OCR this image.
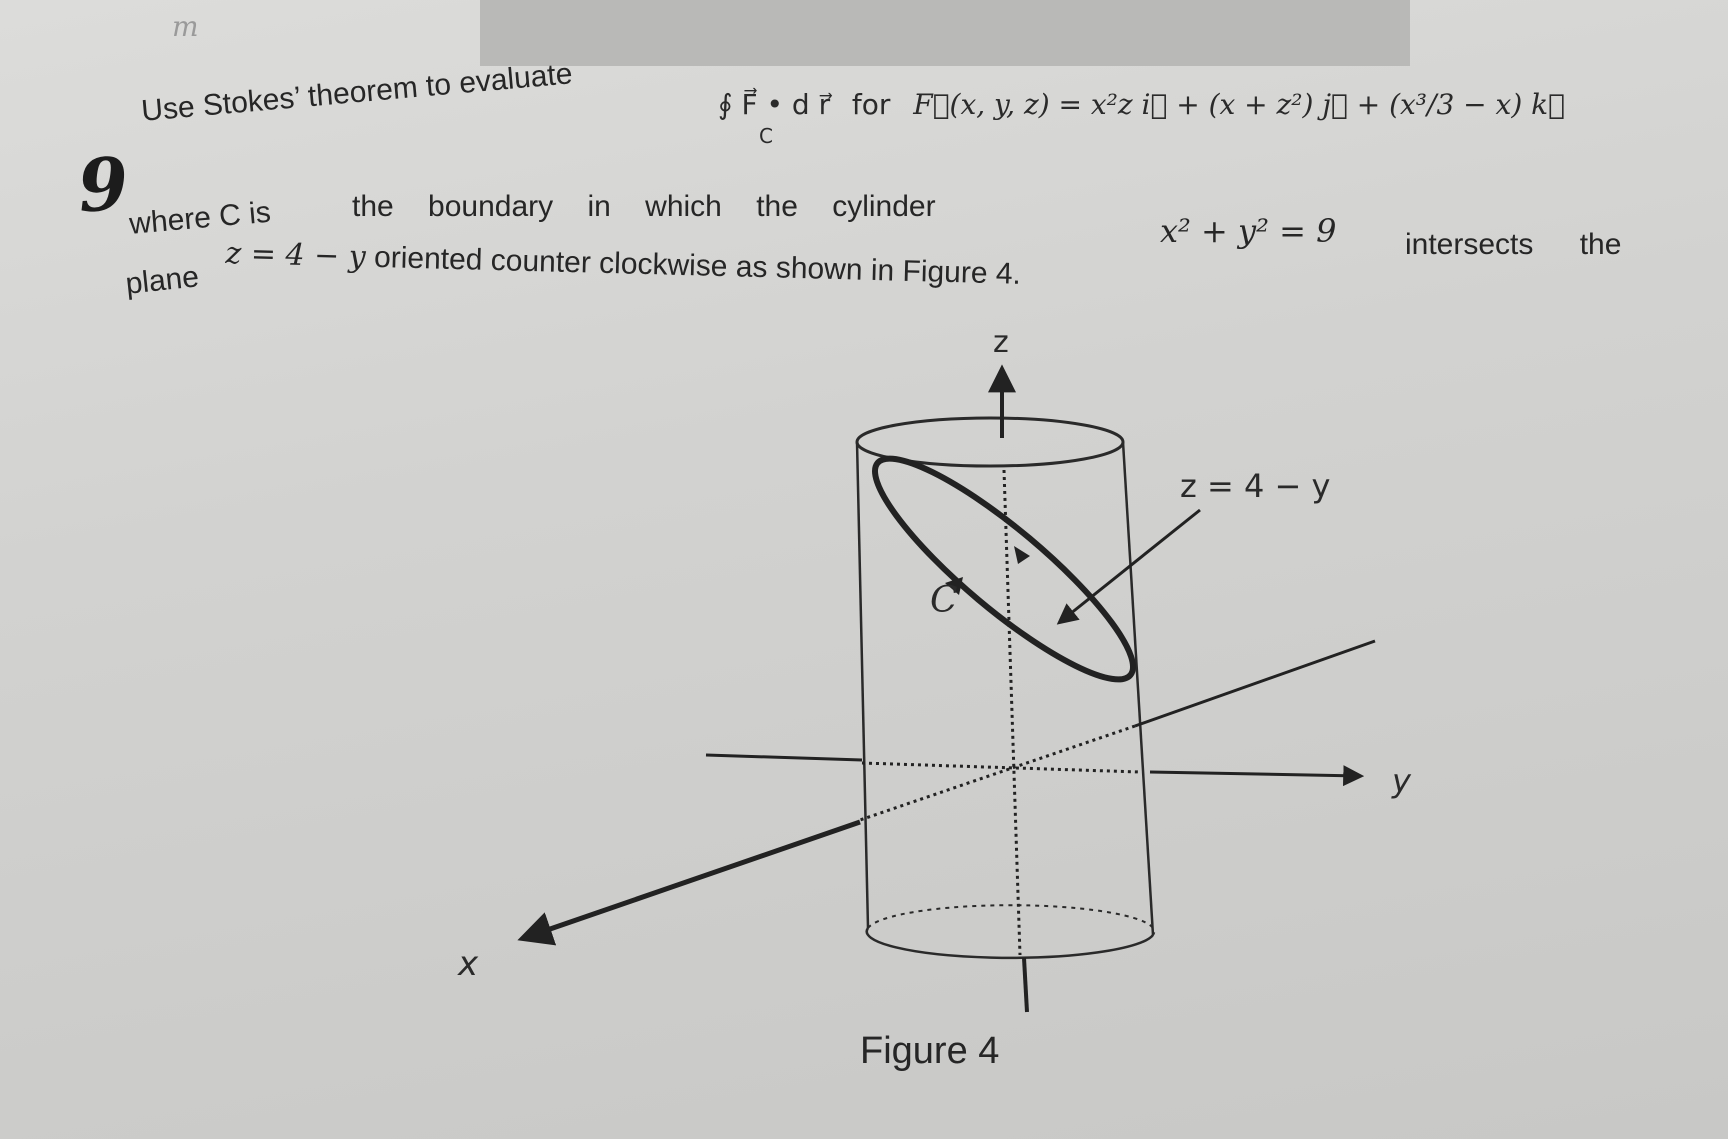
m
9
Use Stokes’ theorem to evaluate	∮ F⃗ • d r⃗ $_C$ for F⃗(x, y, z) = x²z i⃗ + (x + z²) j⃗ + (x³/3 − x) k⃗
where C is	the boundary in which the cylinder
x² + y² = 9 intersects the
plane
z = 4 − y oriented counter clockwise as shown in Figure 4.
z
y
x
C
z = 4 − y
Figure 4
